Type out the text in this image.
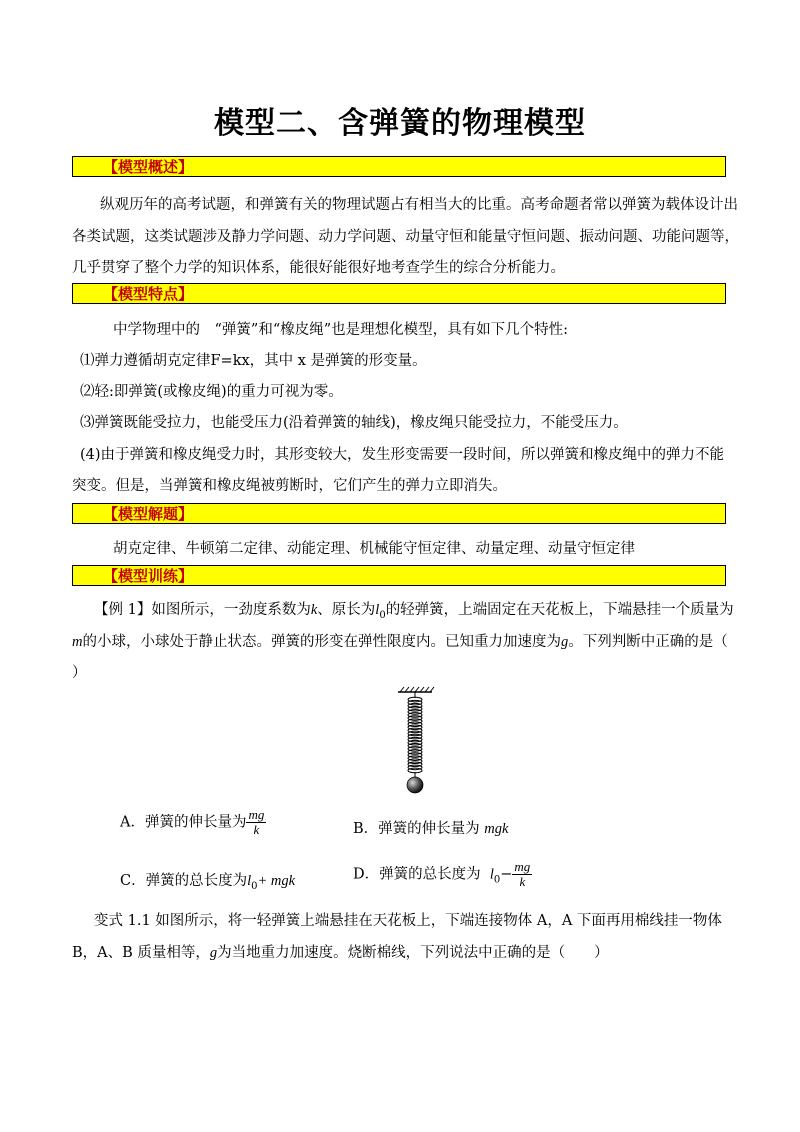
模型二、含弹簧的物理模型
【模型概述】
纵观历年的高考试题，和弹簧有关的物理试题占有相当大的比重。高考命题者常以弹簧为载体设计出
各类试题，这类试题涉及静力学问题、动力学问题、动量守恒和能量守恒问题、振动问题、功能问题等，
几乎贯穿了整个力学的知识体系，能很好能很好地考查学生的综合分析能力。
【模型特点】
中学物理中的　“弹簧”和“橡皮绳”也是理想化模型，具有如下几个特性:
⑴弹力遵循胡克定律F=kx，其中 x 是弹簧的形变量。
⑵轻:即弹簧(或橡皮绳)的重力可视为零。
⑶弹簧既能受拉力，也能受压力(沿着弹簧的轴线)，橡皮绳只能受拉力，不能受压力。
(4)由于弹簧和橡皮绳受力时，其形变较大，发生形变需要一段时间，所以弹簧和橡皮绳中的弹力不能
突变。但是，当弹簧和橡皮绳被剪断时，它们产生的弹力立即消失。
【模型解题】
胡克定律、牛顿第二定律、动能定理、机械能守恒定律、动量定理、动量守恒定律
【模型训练】
【例 1】如图所示，一劲度系数为k、原长为$l_0$的轻弹簧，上端固定在天花板上，下端悬挂一个质量为
m的小球，小球处于静止状态。弹簧的形变在弹性限度内。已知重力加速度为g。下列判断中正确的是（
）
A．弹簧的伸长量为 $\frac{mg}{k}$	B．弹簧的伸长量为 mgk
C．弹簧的总长度为$l_0+$ mgk	D．弹簧的总长度为 $l_0- \frac{mg}{k}$
变式 1.1 如图所示，将一轻弹簧上端悬挂在天花板上，下端连接物体 A，A 下面再用棉线挂一物体
B，A、B 质量相等，g为当地重力加速度。烧断棉线，下列说法中正确的是（　　）
